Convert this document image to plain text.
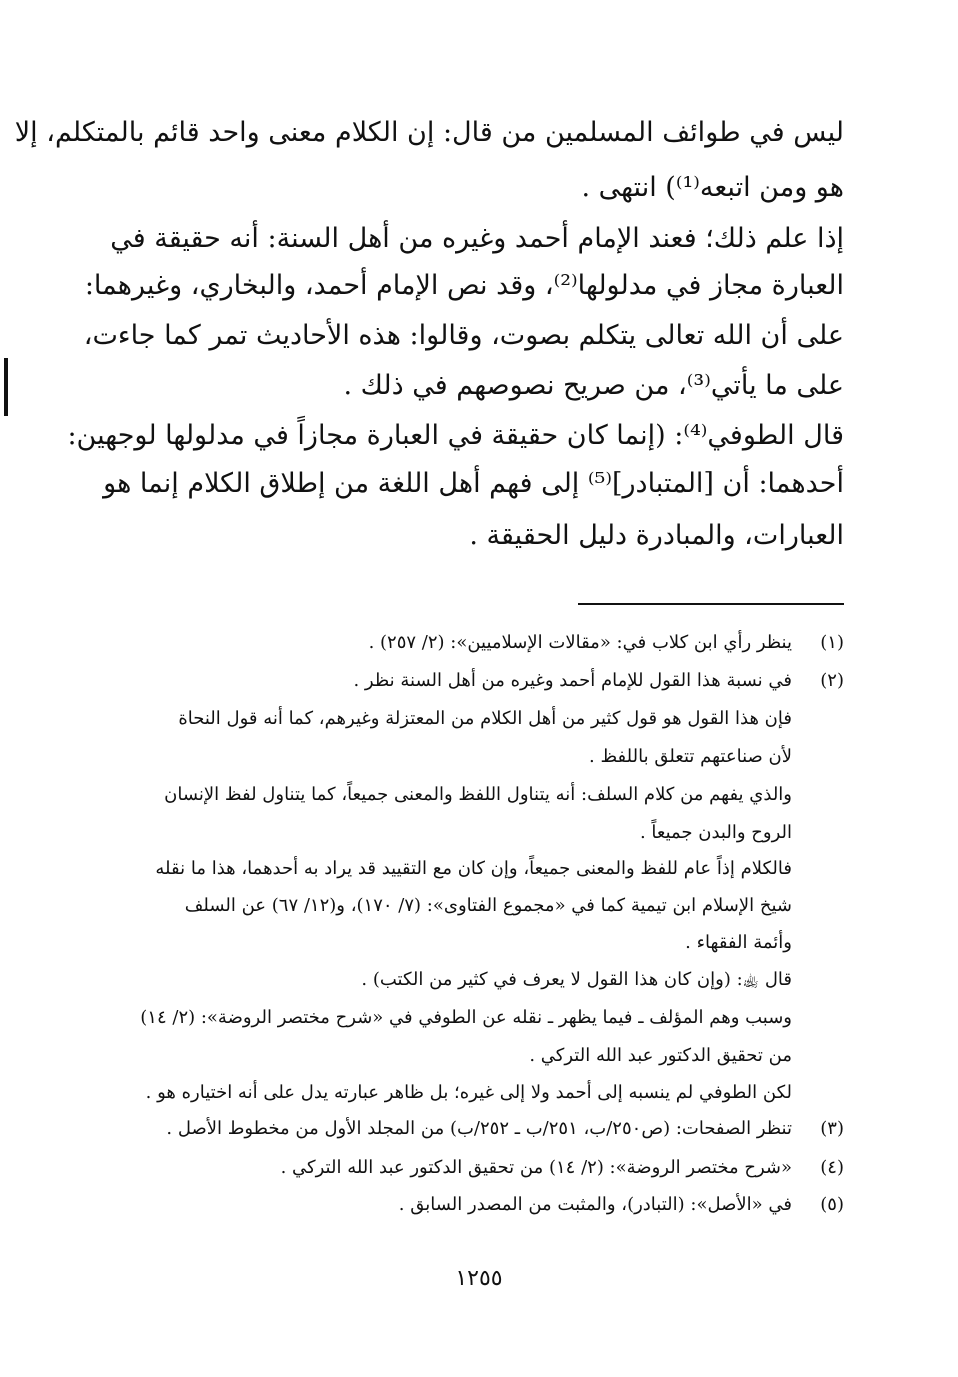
ليس في طوائف المسلمين من قال: إن الكلام معنى واحد قائم بالمتكلم، إلا
هو ومن اتبعه⁽¹⁾) انتهى .
إذا علم ذلك؛ فعند الإمام أحمد وغيره من أهل السنة: أنه حقيقة في
العبارة مجاز في مدلولها⁽²⁾، وقد نص الإمام أحمد، والبخاري، وغيرهما:
على أن الله تعالى يتكلم بصوت، وقالوا: هذه الأحاديث تمر كما جاءت،
على ما يأتي⁽³⁾، من صريح نصوصهم في ذلك .
قال الطوفي⁽⁴⁾: (إنما كان حقيقة في العبارة مجازاً في مدلولها لوجهين:
أحدهما: أن [المتبادر]⁽⁵⁾ إلى فهم أهل اللغة من إطلاق الكلام إنما هو
العبارات، والمبادرة دليل الحقيقة .
(١)
ينظر رأي ابن كلاب في: «مقالات الإسلاميين»: (٢/ ٢٥٧) .
(٢)
في نسبة هذا القول للإمام أحمد وغيره من أهل السنة نظر .
فإن هذا القول هو قول كثير من أهل الكلام من المعتزلة وغيرهم، كما أنه قول النحاة
لأن صناعتهم تتعلق باللفظ .
والذي يفهم من كلام السلف: أنه يتناول اللفظ والمعنى جميعاً، كما يتناول لفظ الإنسان
الروح والبدن جميعاً .
فالكلام إذاً عام للفظ والمعنى جميعاً، وإن كان مع التقييد قد يراد به أحدهما، هذا ما نقله
شيخ الإسلام ابن تيمية كما في «مجموع الفتاوى»: (٧/ ١٧٠)، و(١٢/ ٦٧) عن السلف
وأئمة الفقهاء .
قال ﵀: (وإن كان هذا القول لا يعرف في كثير من الكتب) .
وسبب وهم المؤلف ـ فيما يظهر ـ نقله عن الطوفي في «شرح مختصر الروضة»: (٢/ ١٤)
من تحقيق الدكتور عبد الله التركي .
لكن الطوفي لم ينسبه إلى أحمد ولا إلى غيره؛ بل ظاهر عبارته يدل على أنه اختياره هو .
(٣)
تنظر الصفحات: (ص٢٥٠/ب، ٢٥١/ب ـ ٢٥٢/ب) من المجلد الأول من مخطوط الأصل .
(٤)
«شرح مختصر الروضة»: (٢/ ١٤) من تحقيق الدكتور عبد الله التركي .
(٥)
في «الأصل»: (التبادر)، والمثبت من المصدر السابق .
١٢٥٥
